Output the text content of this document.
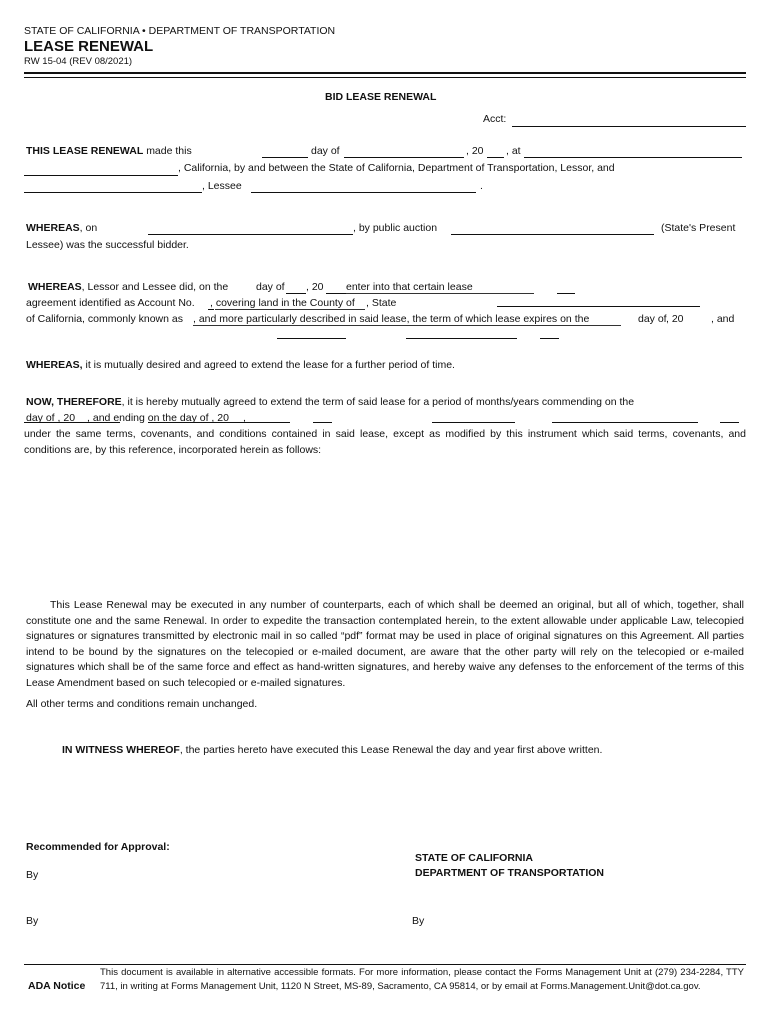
STATE OF CALIFORNIA • DEPARTMENT OF TRANSPORTATION
LEASE RENEWAL
RW 15-04 (REV 08/2021)
BID LEASE RENEWAL
Acct:
THIS LEASE RENEWAL made this	day of	, 20 , at
, California, by and between the State of California, Department of Transportation, Lessor, and
, Lessee	.
WHEREAS, on	, by public auction	(State's Present
Lessee) was the successful bidder.
WHEREAS, Lessor and Lessee did, on the	day of , 20 enter into that certain lease
agreement identified as Account No. , covering land in the County of , State
of California, commonly known as , and more particularly described in said lease, the term of which lease expires on the	day of , 20	, and
WHEREAS, it is mutually desired and agreed to extend the lease for a further period of time.
NOW, THEREFORE, it is hereby mutually agreed to extend the term of said lease for a period of months/years commending on the
day of , 20 , and ending on the day of , 20 ,
under the same terms, covenants, and conditions contained in said lease, except as modified by this instrument which said terms, covenants, and conditions are, by this reference, incorporated herein as follows:
This Lease Renewal may be executed in any number of counterparts, each of which shall be deemed an original, but all of which, together, shall constitute one and the same Renewal. In order to expedite the transaction contemplated herein, to the extent allowable under applicable Law, telecopied signatures or signatures transmitted by electronic mail in so called “pdf” format may be used in place of original signatures on this Agreement. All parties intend to be bound by the signatures on the telecopied or e-mailed document, are aware that the other party will rely on the telecopied or e-mailed signatures which shall be of the same force and effect as hand-written signatures, and hereby waive any defenses to the enforcement of the terms of this Lease Amendment based on such telecopied or e-mailed signatures.
All other terms and conditions remain unchanged.
IN WITNESS WHEREOF, the parties hereto have executed this Lease Renewal the day and year first above written.
Recommended for Approval:
STATE OF CALIFORNIA
DEPARTMENT OF TRANSPORTATION
By
By	By
ADA Notice
This document is available in alternative accessible formats. For more information, please contact the Forms Management Unit at (279) 234-2284, TTY 711, in writing at Forms Management Unit, 1120 N Street, MS-89, Sacramento, CA 95814, or by email at Forms.Management.Unit@dot.ca.gov.
